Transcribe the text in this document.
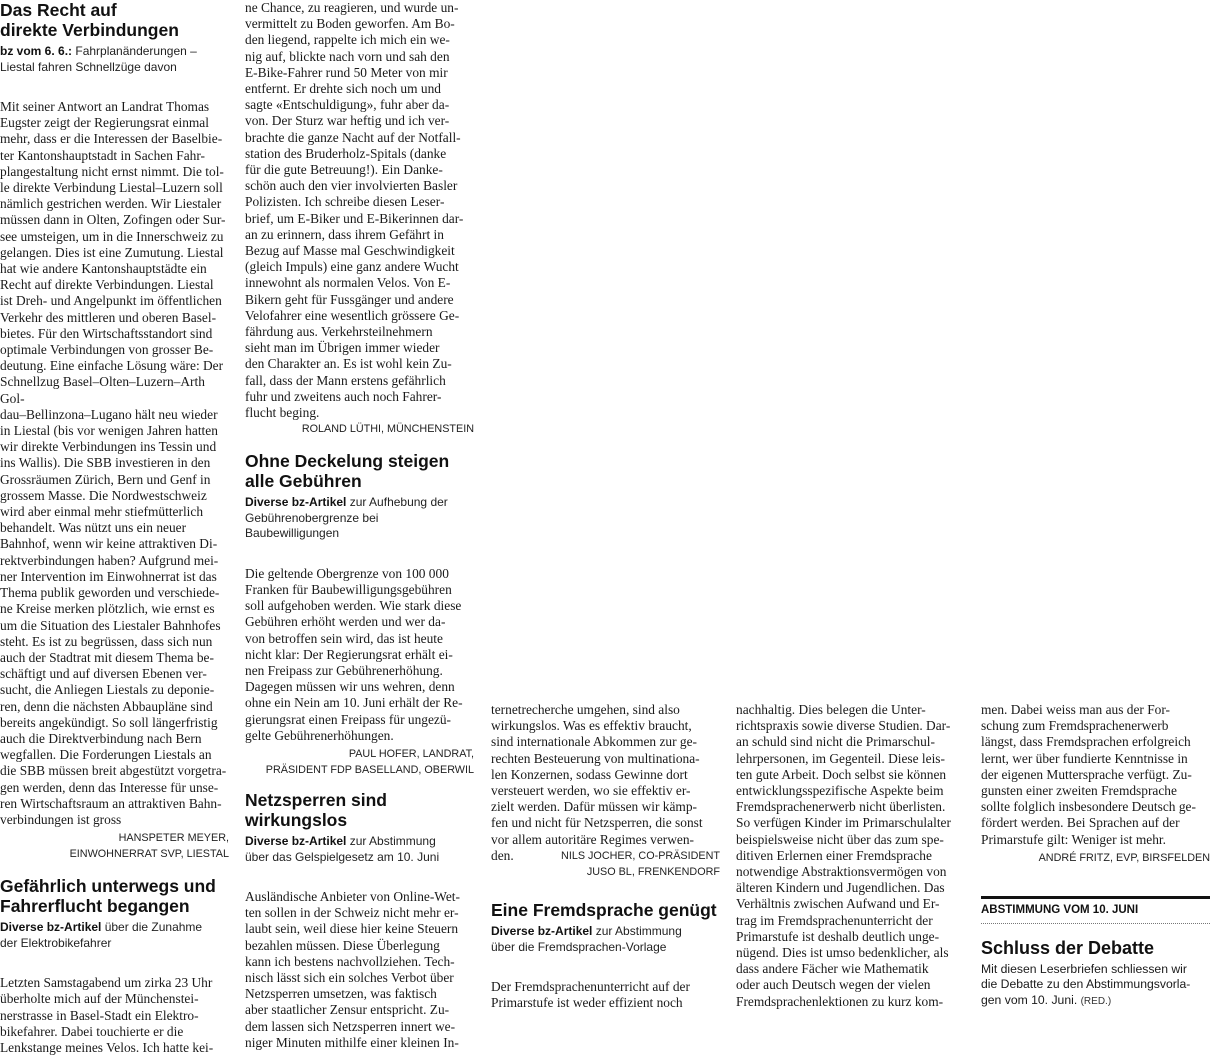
Das Recht auf
direkte Verbindungen

bz vom 6. 6.: Fahrplanänderungen –
Liestal fahren Schnellzüge davon

Mit seiner Antwort an Landrat Thomas
Eugster zeigt der Regierungsrat einmal
mehr, dass er die Interessen der Baselbie-
ter Kantonshauptstadt in Sachen Fahr-
plangestaltung nicht ernst nimmt. Die tol-
le direkte Verbindung Liestal–Luzern soll
nämlich gestrichen werden. Wir Liestaler
müssen dann in Olten, Zofingen oder Sur-
see umsteigen, um in die Innerschweiz zu
gelangen. Dies ist eine Zumutung. Liestal
hat wie andere Kantonshauptstädte ein
Recht auf direkte Verbindungen. Liestal
ist Dreh- und Angelpunkt im öffentlichen
Verkehr des mittleren und oberen Basel-
bietes. Für den Wirtschaftsstandort sind
optimale Verbindungen von grosser Be-
deutung. Eine einfache Lösung wäre: Der
Schnellzug Basel–Olten–Luzern–Arth Gol-
dau–Bellinzona–Lugano hält neu wieder
in Liestal (bis vor wenigen Jahren hatten
wir direkte Verbindungen ins Tessin und
ins Wallis). Die SBB investieren in den
Grossräumen Zürich, Bern und Genf in
grossem Masse. Die Nordwestschweiz
wird aber einmal mehr stiefmütterlich
behandelt. Was nützt uns ein neuer
Bahnhof, wenn wir keine attraktiven Di-
rektverbindungen haben? Aufgrund mei-
ner Intervention im Einwohnerrat ist das
Thema publik geworden und verschiede-
ne Kreise merken plötzlich, wie ernst es
um die Situation des Liestaler Bahnhofes
steht. Es ist zu begrüssen, dass sich nun
auch der Stadtrat mit diesem Thema be-
schäftigt und auf diversen Ebenen ver-
sucht, die Anliegen Liestals zu deponie-
ren, denn die nächsten Abbaupläne sind
bereits angekündigt. So soll längerfristig
auch die Direktverbindung nach Bern
wegfallen. Die Forderungen Liestals an
die SBB müssen breit abgestützt vorgetra-
gen werden, denn das Interesse für unse-
ren Wirtschaftsraum an attraktiven Bahn-
verbindungen ist gross

HANSPETER MEYER,
EINWOHNERRAT SVP, LIESTAL

Gefährlich unterwegs und
Fahrerflucht begangen

Diverse bz-Artikel über die Zunahme
der Elektrobikefahrer

Letzten Samstagabend um zirka 23 Uhr
überholte mich auf der Münchenstei-
nerstrasse in Basel-Stadt ein Elektro-
bikefahrer. Dabei touchierte er die
Lenkstange meines Velos. Ich hatte kei-

ne Chance, zu reagieren, und wurde un-
vermittelt zu Boden geworfen. Am Bo-
den liegend, rappelte ich mich ein we-
nig auf, blickte nach vorn und sah den
E-Bike-Fahrer rund 50 Meter von mir
entfernt. Er drehte sich noch um und
sagte «Entschuldigung», fuhr aber da-
von. Der Sturz war heftig und ich ver-
brachte die ganze Nacht auf der Notfall-
station des Bruderholz-Spitals (danke
für die gute Betreuung!). Ein Danke-
schön auch den vier involvierten Basler
Polizisten. Ich schreibe diesen Leser-
brief, um E-Biker und E-Bikerinnen dar-
an zu erinnern, dass ihrem Gefährt in
Bezug auf Masse mal Geschwindigkeit
(gleich Impuls) eine ganz andere Wucht
innewohnt als normalen Velos. Von E-
Bikern geht für Fussgänger und andere
Velofahrer eine wesentlich grössere Ge-
fährdung aus. Verkehrsteilnehmern
sieht man im Übrigen immer wieder
den Charakter an. Es ist wohl kein Zu-
fall, dass der Mann erstens gefährlich
fuhr und zweitens auch noch Fahrer-
flucht beging.

ROLAND LÜTHI, MÜNCHENSTEIN

Ohne Deckelung steigen
alle Gebühren

Diverse bz-Artikel zur Aufhebung der
Gebührenobergrenze bei Baubewilligungen

Die geltende Obergrenze von 100 000
Franken für Baubewilligungsgebühren
soll aufgehoben werden. Wie stark diese
Gebühren erhöht werden und wer da-
von betroffen sein wird, das ist heute
nicht klar: Der Regierungsrat erhält ei-
nen Freipass zur Gebührenerhöhung.
Dagegen müssen wir uns wehren, denn
ohne ein Nein am 10. Juni erhält der Re-
gierungsrat einen Freipass für ungezü-
gelte Gebührenerhöhungen.

PAUL HOFER, LANDRAT,
PRÄSIDENT FDP BASELLAND, OBERWIL

Netzsperren sind
wirkungslos

Diverse bz-Artikel zur Abstimmung
über das Gelspielgesetz am 10. Juni

Ausländische Anbieter von Online-Wet-
ten sollen in der Schweiz nicht mehr er-
laubt sein, weil diese hier keine Steuern
bezahlen müssen. Diese Überlegung
kann ich bestens nachvollziehen. Tech-
nisch lässt sich ein solches Verbot über
Netzsperren umsetzen, was faktisch
aber staatlicher Zensur entspricht. Zu-
dem lassen sich Netzsperren innert we-
niger Minuten mithilfe einer kleinen In-

ternetrecherche umgehen, sind also
wirkungslos. Was es effektiv braucht,
sind internationale Abkommen zur ge-
rechten Besteuerung von multinationa-
len Konzernen, sodass Gewinne dort
versteuert werden, wo sie effektiv er-
zielt werden. Dafür müssen wir kämp-
fen und nicht für Netzsperren, die sonst
vor allem autoritäre Regimes verwen-
den.	NILS JOCHER, CO-PRÄSIDENT
JUSO BL, FRENKENDORF

Eine Fremdsprache genügt

Diverse bz-Artikel zur Abstimmung
über die Fremdsprachen-Vorlage

Der Fremdsprachenunterricht auf der
Primarstufe ist weder effizient noch

nachhaltig. Dies belegen die Unter-
richtspraxis sowie diverse Studien. Dar-
an schuld sind nicht die Primarschul-
lehrpersonen, im Gegenteil. Diese leis-
ten gute Arbeit. Doch selbst sie können
entwicklungsspezifische Aspekte beim
Fremdsprachenerwerb nicht überlisten.
So verfügen Kinder im Primarschulalter
beispielsweise nicht über das zum spe-
ditiven Erlernen einer Fremdsprache
notwendige Abstraktionsvermögen von
älteren Kindern und Jugendlichen. Das
Verhältnis zwischen Aufwand und Er-
trag im Fremdsprachenunterricht der
Primarstufe ist deshalb deutlich unge-
nügend. Dies ist umso bedenklicher, als
dass andere Fächer wie Mathematik
oder auch Deutsch wegen der vielen
Fremdsprachenlektionen zu kurz kom-

men. Dabei weiss man aus der For-
schung zum Fremdsprachenerwerb
längst, dass Fremdsprachen erfolgreich
lernt, wer über fundierte Kenntnisse in
der eigenen Muttersprache verfügt. Zu-
gunsten einer zweiten Fremdsprache
sollte folglich insbesondere Deutsch ge-
fördert werden. Bei Sprachen auf der
Primarstufe gilt: Weniger ist mehr.

ANDRÉ FRITZ, EVP, BIRSFELDEN

ABSTIMMUNG VOM 10. JUNI
Schluss der Debatte

Mit diesen Leserbriefen schliessen wir
die Debatte zu den Abstimmungsvorla-
gen vom 10. Juni. (RED.)
